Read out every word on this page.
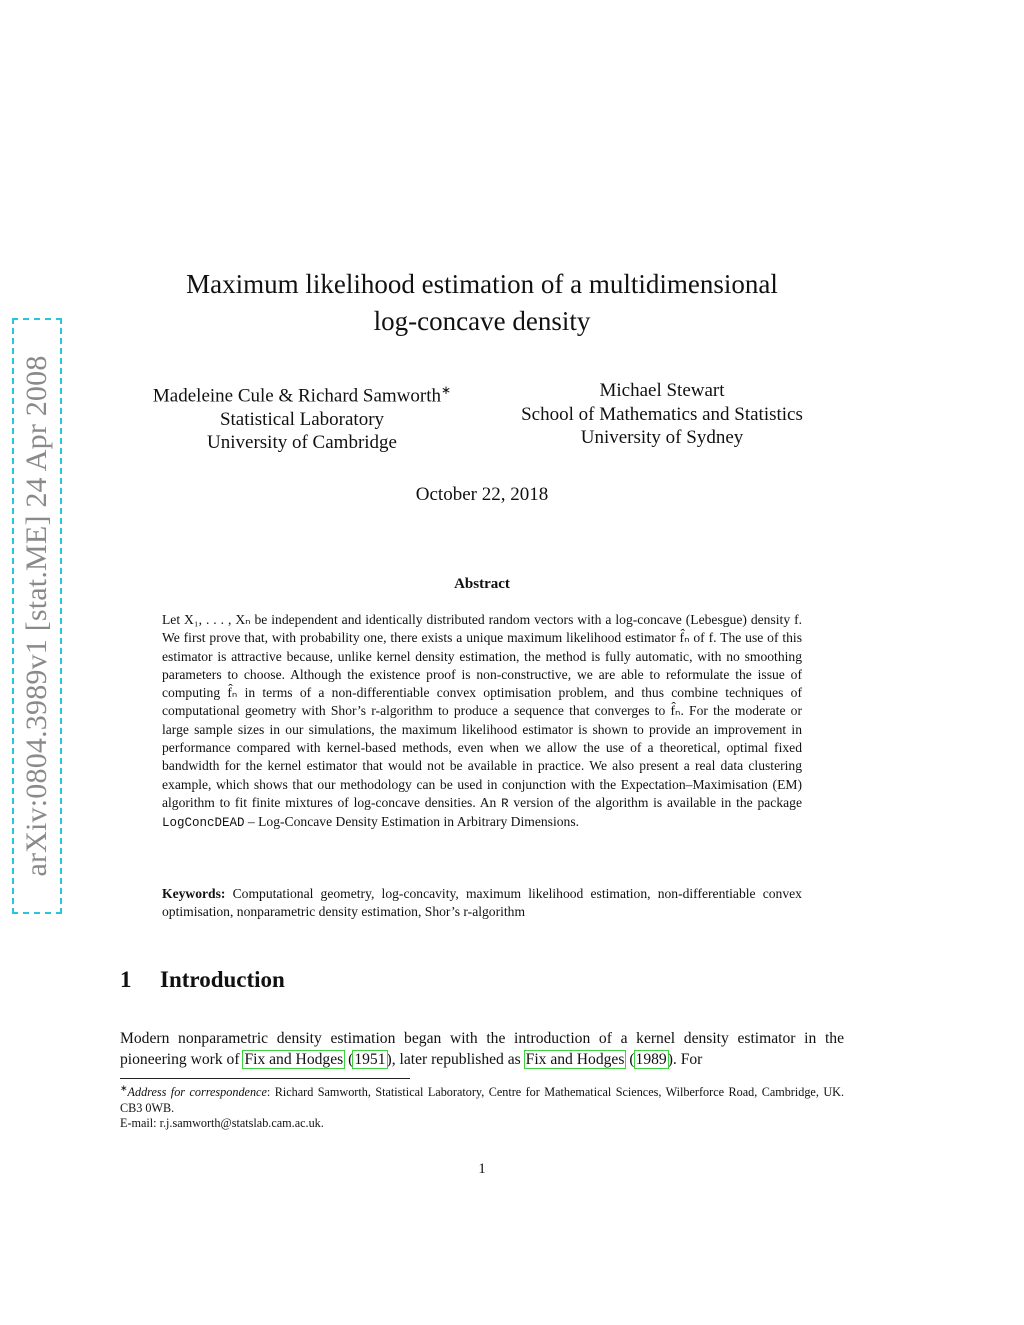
arXiv:0804.3989v1 [stat.ME] 24 Apr 2008
Maximum likelihood estimation of a multidimensional
log-concave density
Madeleine Cule & Richard Samworth∗
Statistical Laboratory
University of Cambridge
Michael Stewart
School of Mathematics and Statistics
University of Sydney
October 22, 2018
Abstract
Let X₁, . . . , Xₙ be independent and identically distributed random vectors with a log-concave (Lebesgue) density f. We first prove that, with probability one, there exists a unique maximum likelihood estimator f̂ₙ of f. The use of this estimator is attractive because, unlike kernel density estimation, the method is fully automatic, with no smoothing parameters to choose. Although the existence proof is non-constructive, we are able to reformulate the issue of computing f̂ₙ in terms of a non-differentiable convex optimisation problem, and thus combine techniques of computational geometry with Shor’s r-algorithm to produce a sequence that converges to f̂ₙ. For the moderate or large sample sizes in our simulations, the maximum likelihood estimator is shown to provide an improvement in performance compared with kernel-based methods, even when we allow the use of a theoretical, optimal fixed bandwidth for the kernel estimator that would not be available in practice. We also present a real data clustering example, which shows that our methodology can be used in conjunction with the Expectation–Maximisation (EM) algorithm to fit finite mixtures of log-concave densities. An R version of the algorithm is available in the package LogConcDEAD – Log-Concave Density Estimation in Arbitrary Dimensions.
Keywords: Computational geometry, log-concavity, maximum likelihood estimation, non-differentiable convex optimisation, nonparametric density estimation, Shor’s r-algorithm
1 Introduction
Modern nonparametric density estimation began with the introduction of a kernel density estimator in the pioneering work of Fix and Hodges (1951), later republished as Fix and Hodges (1989). For
∗Address for correspondence: Richard Samworth, Statistical Laboratory, Centre for Mathematical Sciences, Wilberforce Road, Cambridge, UK. CB3 0WB.
E-mail: r.j.samworth@statslab.cam.ac.uk.
1
